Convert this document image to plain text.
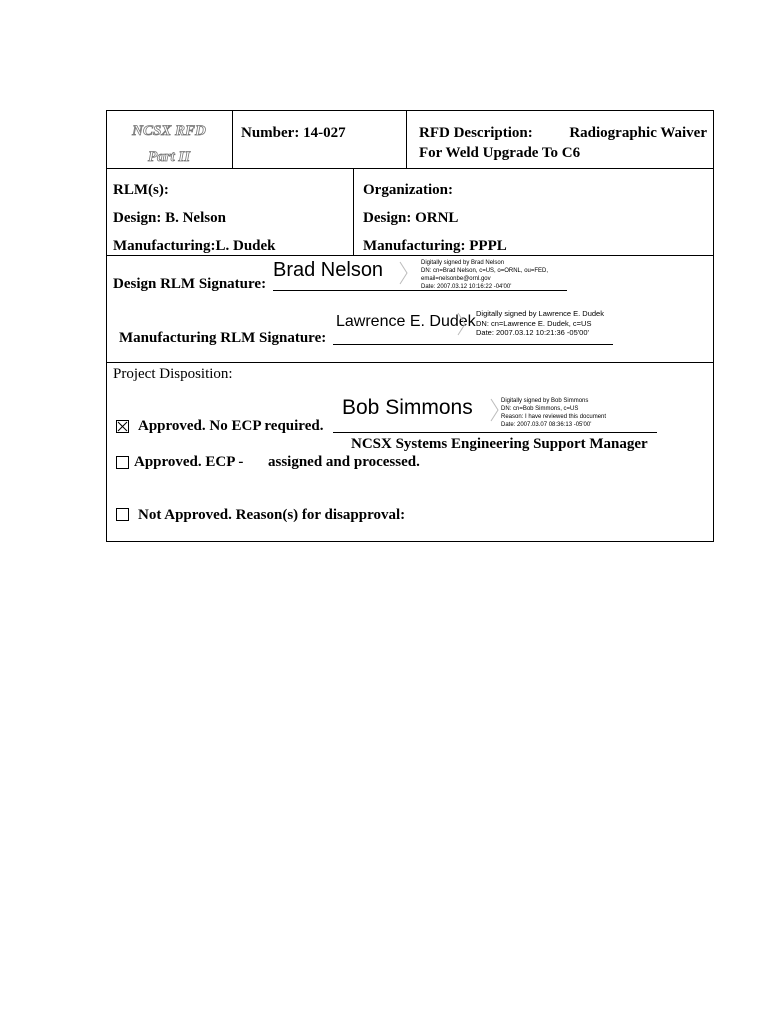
NCSX RFD
Part II
Number: 14-027	RFD Description: Radiographic Waiver
For Weld Upgrade To C6
RLM(s):	Organization:
Design: B. Nelson	Design: ORNL
Manufacturing:L. Dudek	Manufacturing: PPPL
Design RLM Signature:
Brad Nelson	Digitally signed by Brad Nelson
DN: cn=Brad Nelson, c=US, o=ORNL, ou=FED,
email=nelsonbe@ornl.gov
Date: 2007.03.12 10:16:22 -04'00'
Manufacturing RLM Signature:
Lawrence E. Dudek Digitally signed by Lawrence E. Dudek
DN: cn=Lawrence E. Dudek, c=US
Date: 2007.03.12 10:21:36 -05'00'
Project Disposition:
Approved. No ECP required.
Approved. ECP - assigned and processed.
Not Approved. Reason(s) for disapproval:
Bob Simmons	Digitally signed by Bob Simmons
DN: cn=Bob Simmons, c=US
Reason: I have reviewed this document
Date: 2007.03.07 08:36:13 -05'00'
NCSX Systems Engineering Support Manager
